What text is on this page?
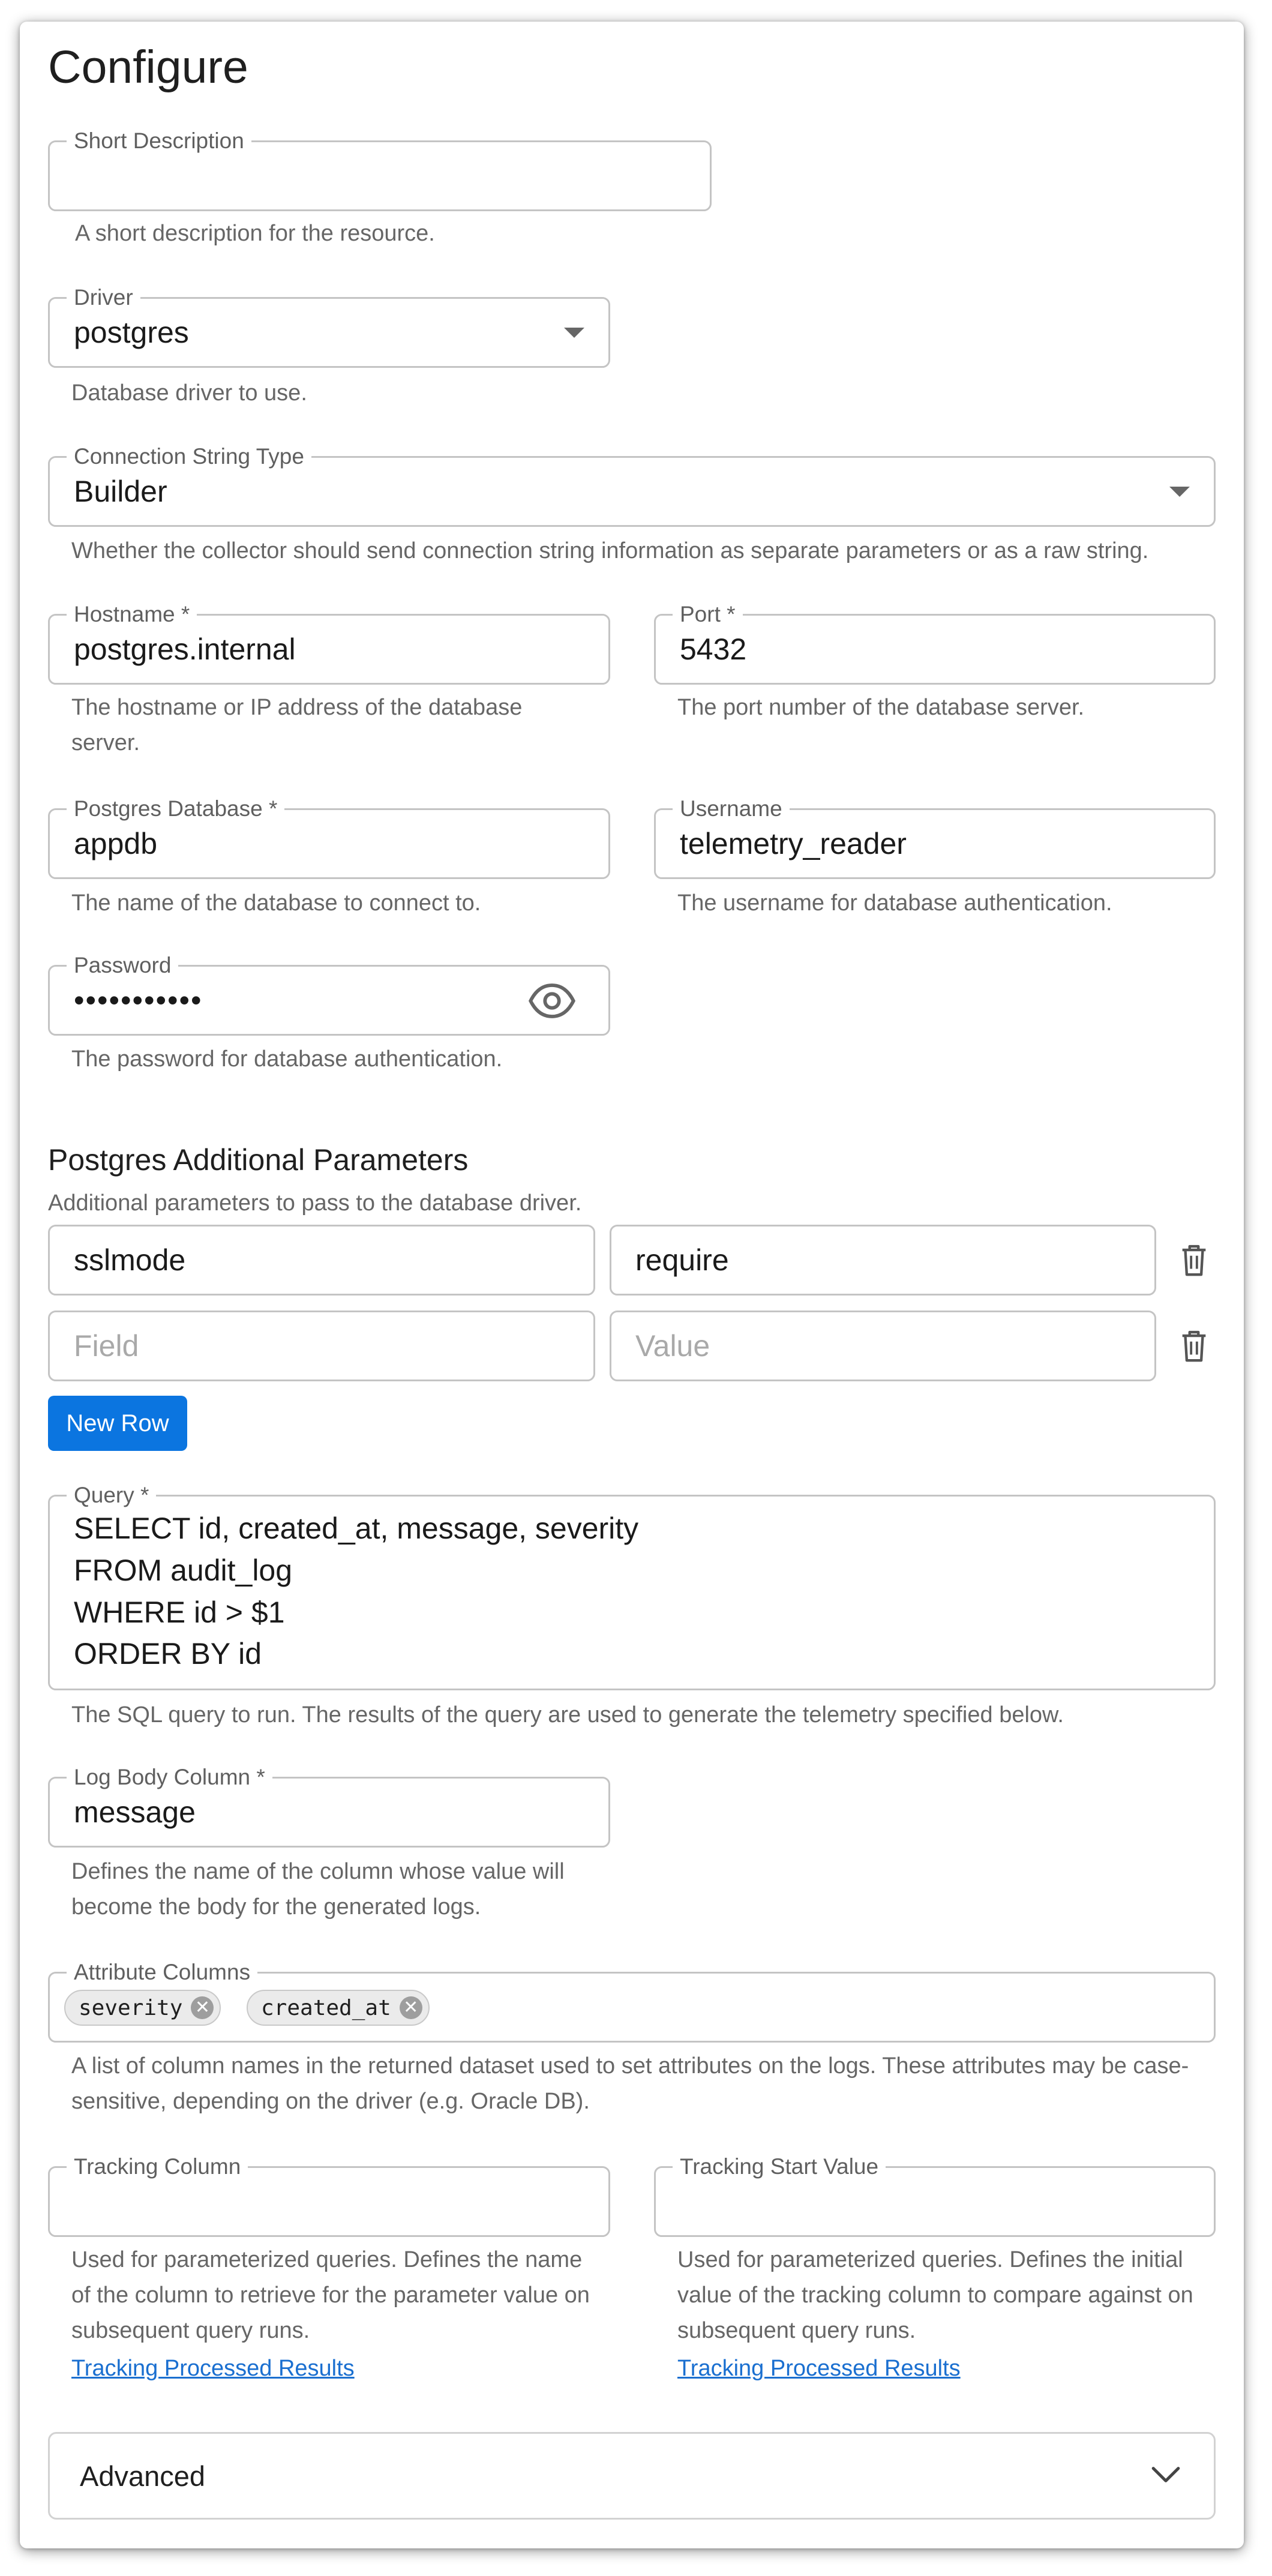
Configure
Short Description
A short description for the resource.
Driver
postgres
Database driver to use.
Connection String Type
Builder
Whether the collector should send connection string information as separate parameters or as a raw string.
Hostname *
postgres.internal
The hostname or IP address of the database server.
Port *
5432
The port number of the database server.
Postgres Database *
appdb
The name of the database to connect to.
Username
telemetry_reader
The username for database authentication.
Password
•••••••••••
The password for database authentication.
Postgres Additional Parameters
Additional parameters to pass to the database driver.
sslmode	require
Field	Value
New Row
Query *
SELECT id, created_at, message, severity
FROM audit_log
WHERE id > $1
ORDER BY id
The SQL query to run. The results of the query are used to generate the telemetry specified below.
Log Body Column *
message
Defines the name of the column whose value will become the body for the generated logs.
Attribute Columns
severity ✕ created_at ✕
A list of column names in the returned dataset used to set attributes on the logs. These attributes may be case-sensitive, depending on the driver (e.g. Oracle DB).
Tracking Column
Used for parameterized queries. Defines the name of the column to retrieve for the parameter value on subsequent query runs.
Tracking Processed Results
Tracking Start Value
Used for parameterized queries. Defines the initial value of the tracking column to compare against on subsequent query runs.
Tracking Processed Results
Advanced
